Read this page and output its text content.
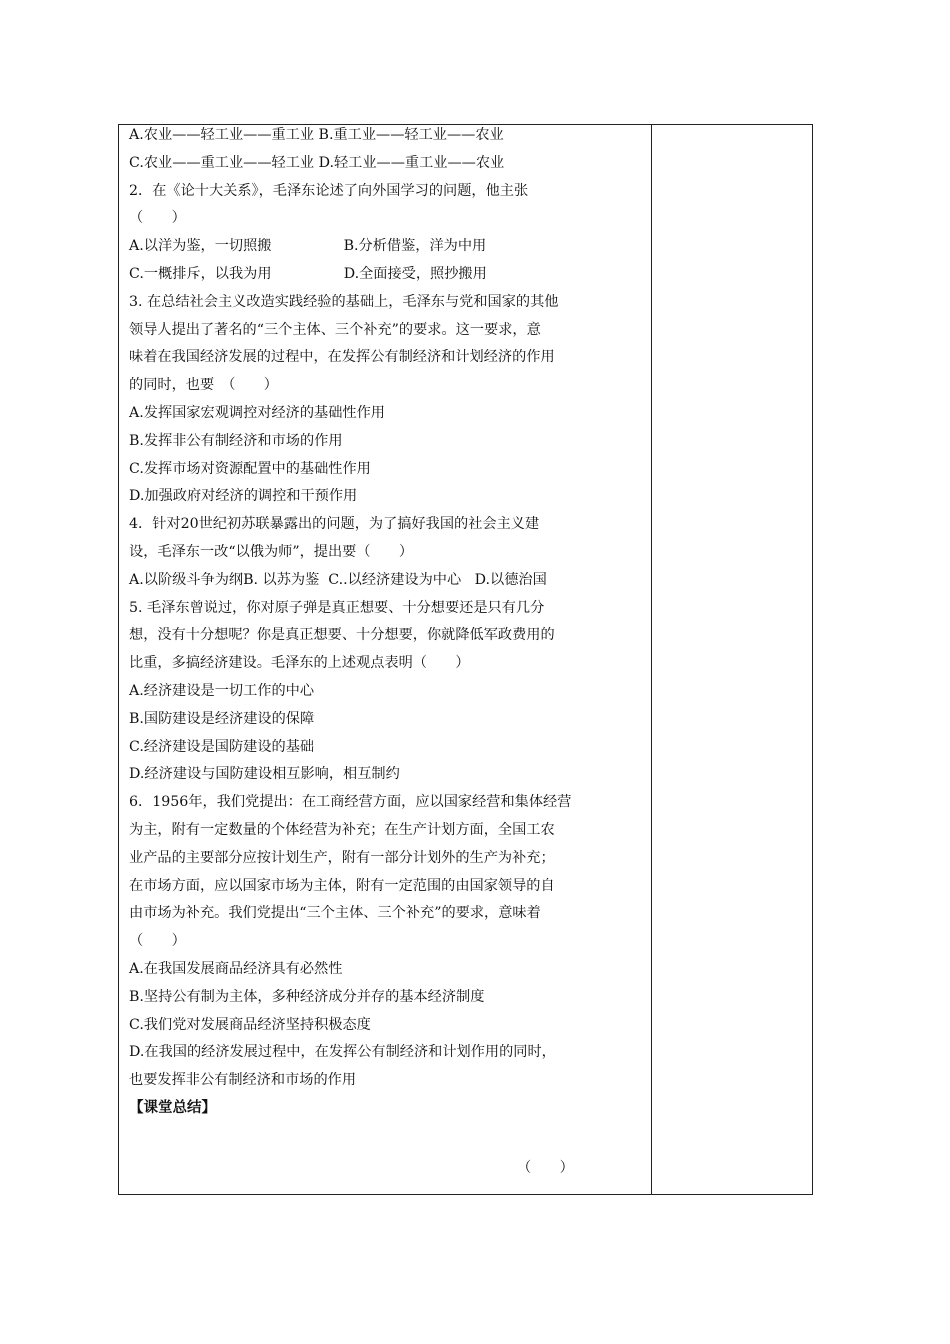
A.农业——轻工业——重工业 B.重工业——轻工业——农业
C.农业——重工业——轻工业 D.轻工业——重工业——农业
2．在《论十大关系》，毛泽东论述了向外国学习的问题，他主张
（　　）
A.以洋为鉴，一切照搬                B.分析借鉴，洋为中用
C.一概排斥，以我为用                D.全面接受，照抄搬用
3. 在总结社会主义改造实践经验的基础上，毛泽东与党和国家的其他
领导人提出了著名的“三个主体、三个补充”的要求。这一要求，意
味着在我国经济发展的过程中，在发挥公有制经济和计划经济的作用
的同时，也要　（　　）
A.发挥国家宏观调控对经济的基础性作用
B.发挥非公有制经济和市场的作用
C.发挥市场对资源配置中的基础性作用
D.加强政府对经济的调控和干预作用
4．针对20世纪初苏联暴露出的问题，为了搞好我国的社会主义建
设，毛泽东一改“以俄为师”，提出要（　　）
A.以阶级斗争为纲B. 以苏为鉴  C..以经济建设为中心   D.以德治国
5. 毛泽东曾说过，你对原子弹是真正想要、十分想要还是只有几分
想，没有十分想呢？你是真正想要、十分想要，你就降低军政费用的
比重，多搞经济建设。毛泽东的上述观点表明（　　）
A.经济建设是一切工作的中心
B.国防建设是经济建设的保障
C.经济建设是国防建设的基础
D.经济建设与国防建设相互影响，相互制约
6．1956年，我们党提出：在工商经营方面，应以国家经营和集体经营
为主，附有一定数量的个体经营为补充；在生产计划方面，全国工农
业产品的主要部分应按计划生产，附有一部分计划外的生产为补充；
在市场方面，应以国家市场为主体，附有一定范围的由国家领导的自
由市场为补充。我们党提出“三个主体、三个补充”的要求，意味着
（　　）
A.在我国发展商品经济具有必然性
B.坚持公有制为主体，多种经济成分并存的基本经济制度
C.我们党对发展商品经济坚持积极态度
D.在我国的经济发展过程中，在发挥公有制经济和计划作用的同时，
也要发挥非公有制经济和市场的作用
【课堂总结】
（　　）
